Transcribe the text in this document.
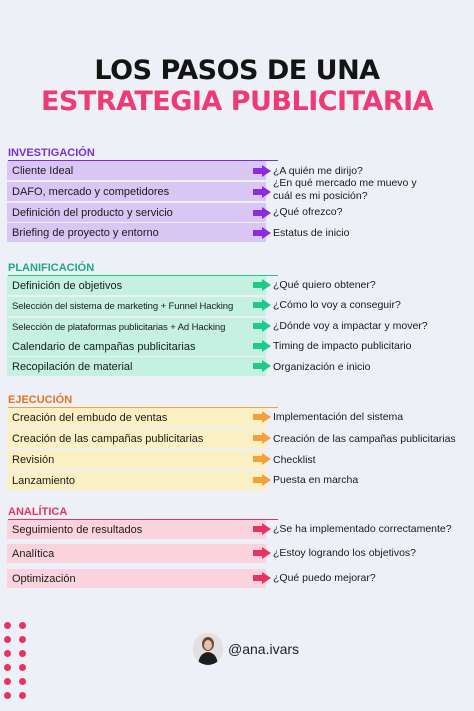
LOS PASOS DE UNA
ESTRATEGIA PUBLICITARIA
INVESTIGACIÓN
Cliente Ideal
DAFO, mercado y competidores
Definición del producto y servicio
Briefing de proyecto y entorno
¿A quién me dirijo?
¿En qué mercado me muevo y
cuál es mi posición?
¿Qué ofrezco?
Estatus de inicio
PLANIFICACIÓN
Definición de objetivos
Selección del sistema de marketing + Funnel Hacking
Selección de plataformas publicitarias + Ad Hacking
Calendario de campañas publicitarias
Recopilación de material
¿Qué quiero obtener?
¿Cómo lo voy a conseguir?
¿Dónde voy a impactar y mover?
Timing de impacto publicitario
Organización e inicio
EJECUCIÓN
Creación del embudo de ventas
Creación de las campañas publicitarias
Revisión
Lanzamiento
Implementación del sistema
Creación de las campañas publicitarias
Checklist
Puesta en marcha
ANALÍTICA
Seguimiento de resultados
Analítica
Optimización
¿Se ha implementado correctamente?
¿Estoy logrando los objetivos?
¿Qué puedo mejorar?
@ana.ivars
